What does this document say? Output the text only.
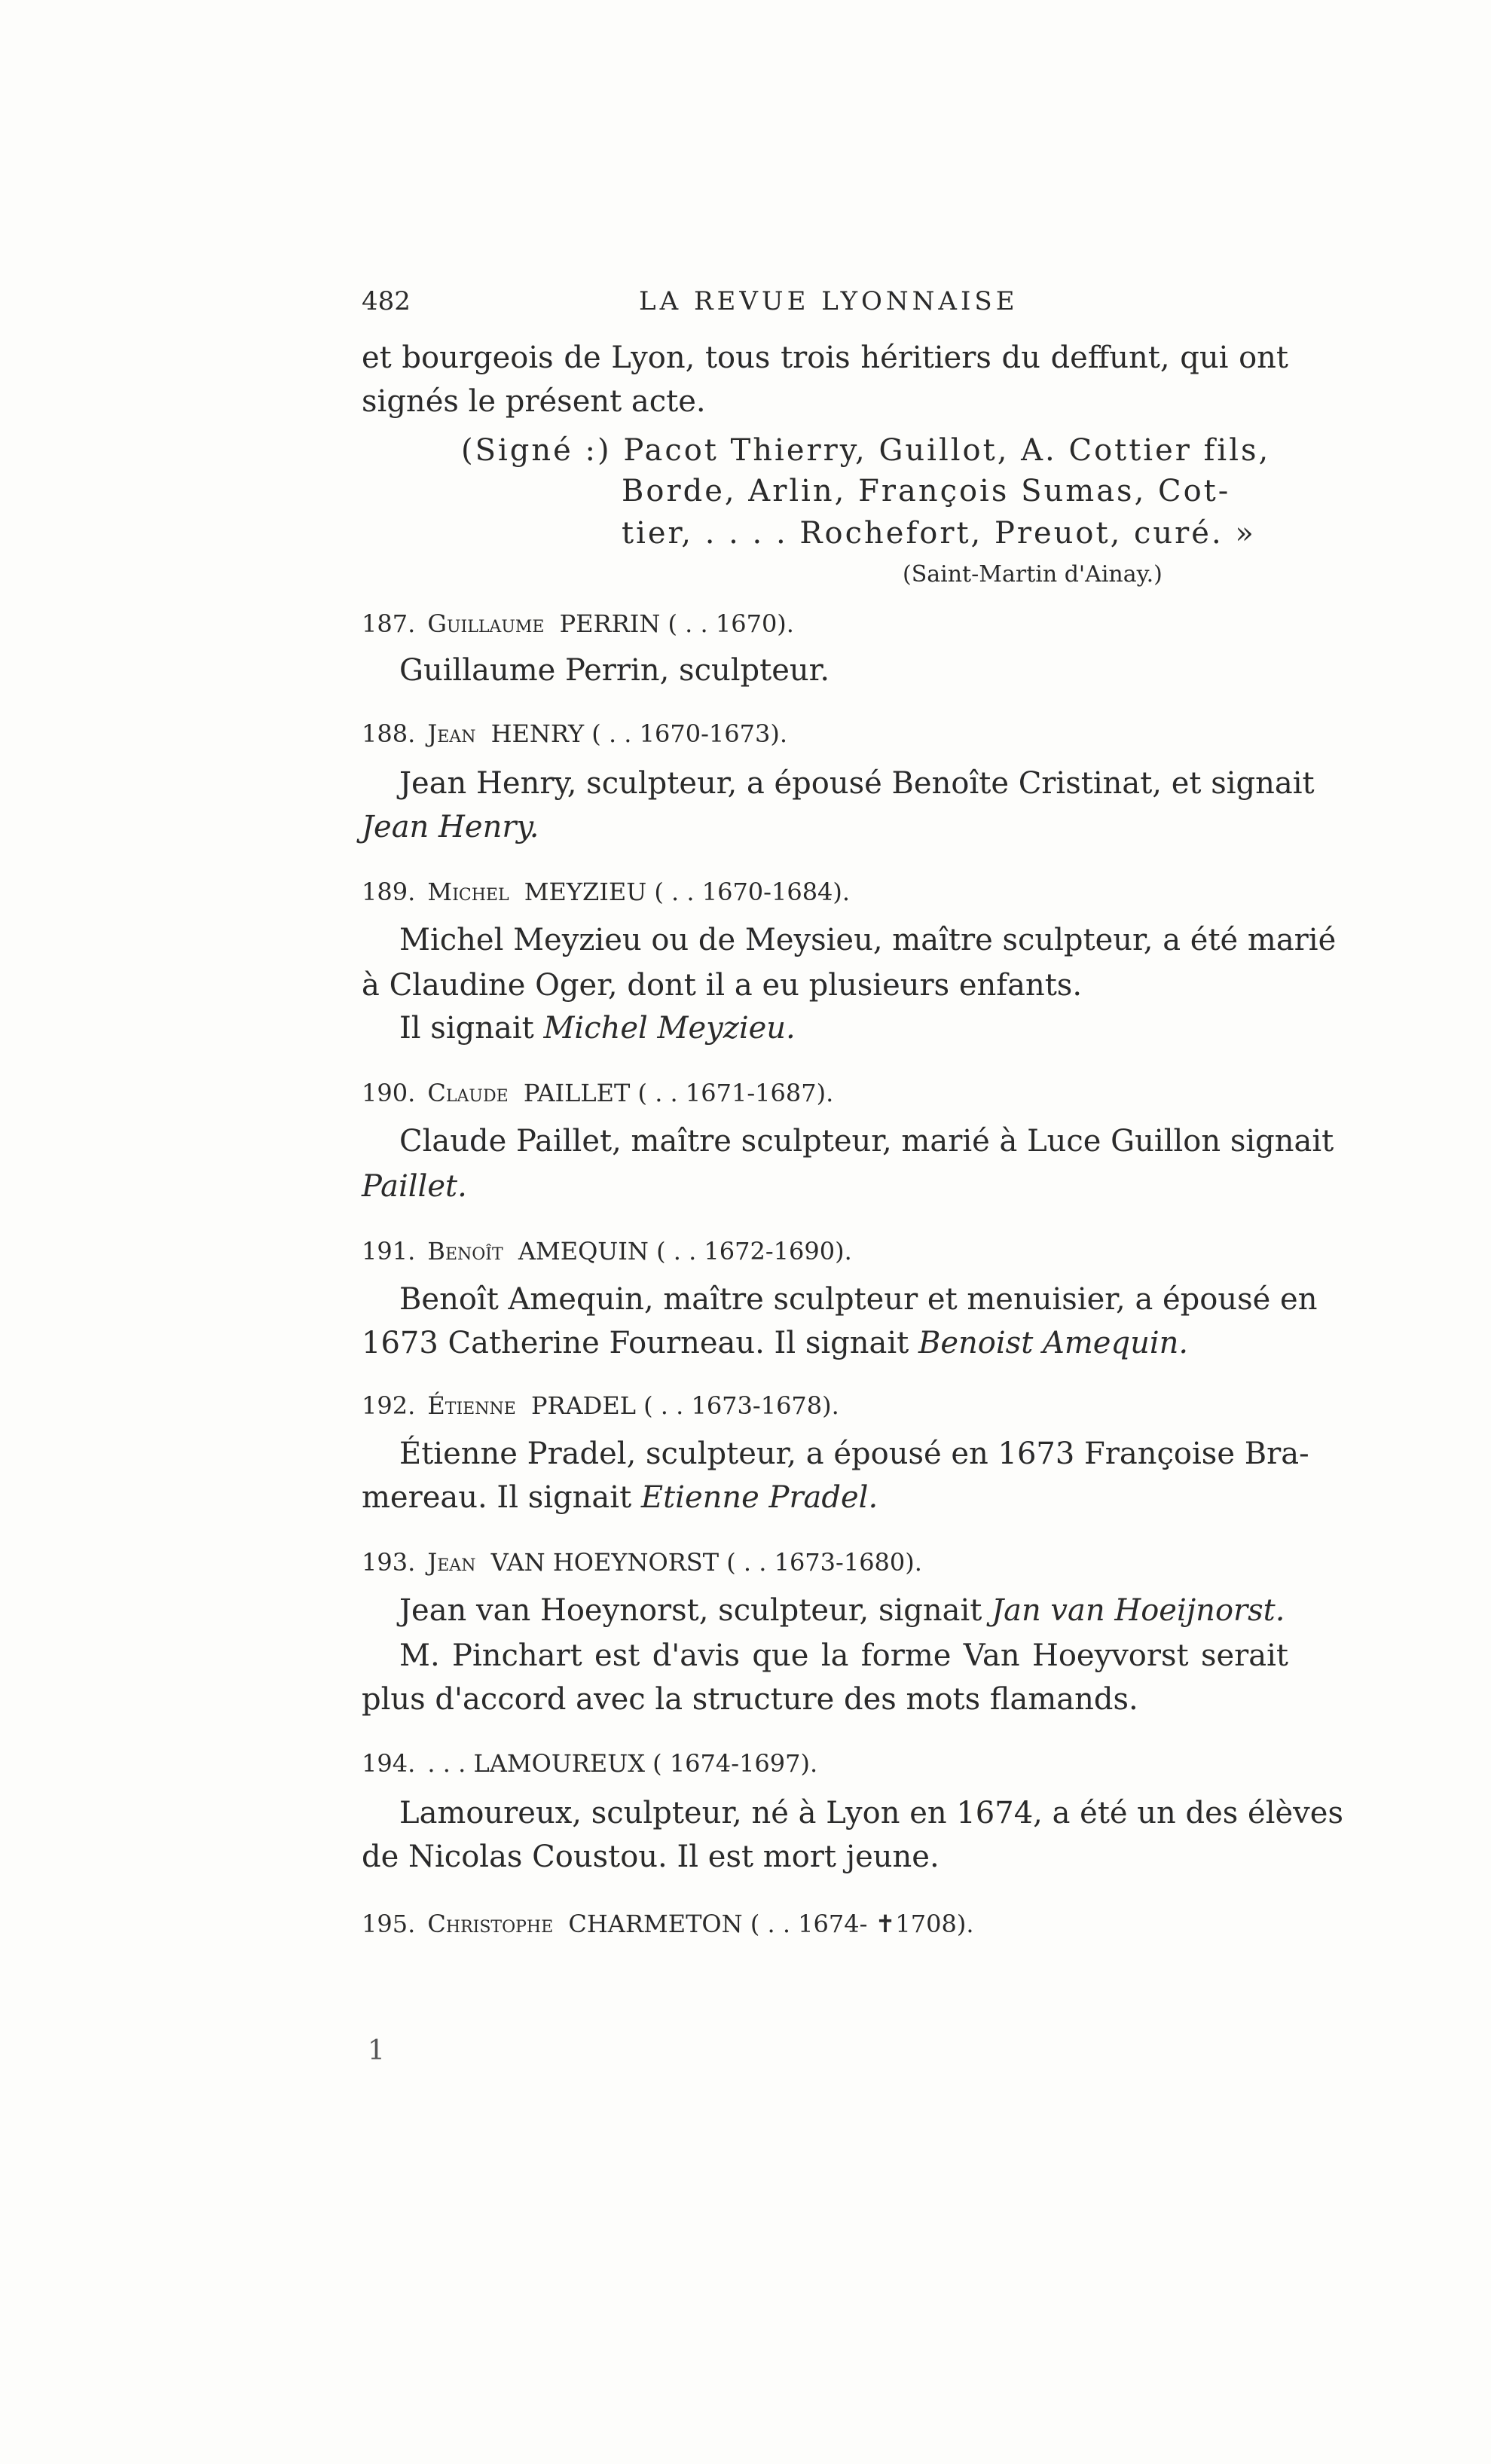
482	LA REVUE LYONNAISE
et bourgeois de Lyon, tous trois héritiers du deffunt, qui ont
signés le présent acte.
(Signé :) Pacot Thierry, Guillot, A. Cottier fils,
Borde, Arlin, François Sumas, Cot-
tier, . . . . Rochefort, Preuot, curé. »
(Saint-Martin d'Ainay.)
187. Guillaume PERRIN ( . . 1670).
Guillaume Perrin, sculpteur.
188. Jean HENRY ( . . 1670-1673).
Jean Henry, sculpteur, a épousé Benoîte Cristinat, et signait
Jean Henry.
189. Michel MEYZIEU ( . . 1670-1684).
Michel Meyzieu ou de Meysieu, maître sculpteur, a été marié
à Claudine Oger, dont il a eu plusieurs enfants.
Il signait Michel Meyzieu.
190. Claude PAILLET ( . . 1671-1687).
Claude Paillet, maître sculpteur, marié à Luce Guillon signait
Paillet.
191. Benoît AMEQUIN ( . . 1672-1690).
Benoît Amequin, maître sculpteur et menuisier, a épousé en
1673 Catherine Fourneau. Il signait Benoist Amequin.
192. Étienne PRADEL ( . . 1673-1678).
Étienne Pradel, sculpteur, a épousé en 1673 Françoise Bra-
mereau. Il signait Etienne Pradel.
193. Jean VAN HOEYNORST ( . . 1673-1680).
Jean van Hoeynorst, sculpteur, signait Jan van Hoeijnorst.
M. Pinchart est d'avis que la forme Van Hoeyvorst serait
plus d'accord avec la structure des mots flamands.
194. . . . LAMOUREUX ( 1674-1697).
Lamoureux, sculpteur, né à Lyon en 1674, a été un des élèves
de Nicolas Coustou. Il est mort jeune.
195. Christophe CHARMETON ( . . 1674- ✝1708).
1
